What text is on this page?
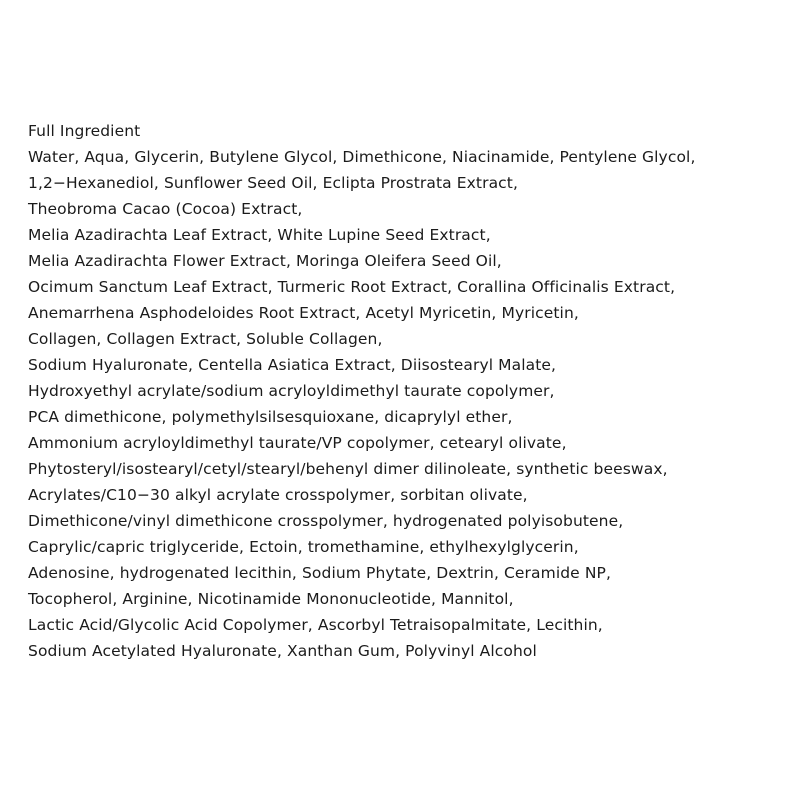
Full Ingredient
Water, Aqua, Glycerin, Butylene Glycol, Dimethicone, Niacinamide, Pentylene Glycol,
1,2−Hexanediol, Sunflower Seed Oil, Eclipta Prostrata Extract,
Theobroma Cacao (Cocoa) Extract,
Melia Azadirachta Leaf Extract, White Lupine Seed Extract,
Melia Azadirachta Flower Extract, Moringa Oleifera Seed Oil,
Ocimum Sanctum Leaf Extract, Turmeric Root Extract, Corallina Officinalis Extract,
Anemarrhena Asphodeloides Root Extract, Acetyl Myricetin, Myricetin,
Collagen, Collagen Extract, Soluble Collagen,
Sodium Hyaluronate, Centella Asiatica Extract, Diisostearyl Malate,
Hydroxyethyl acrylate/sodium acryloyldimethyl taurate copolymer,
PCA dimethicone, polymethylsilsesquioxane, dicaprylyl ether,
Ammonium acryloyldimethyl taurate/VP copolymer, cetearyl olivate,
Phytosteryl/isostearyl/cetyl/stearyl/behenyl dimer dilinoleate, synthetic beeswax,
Acrylates/C10−30 alkyl acrylate crosspolymer, sorbitan olivate,
Dimethicone/vinyl dimethicone crosspolymer, hydrogenated polyisobutene,
Caprylic/capric triglyceride, Ectoin, tromethamine, ethylhexylglycerin,
Adenosine, hydrogenated lecithin, Sodium Phytate, Dextrin, Ceramide NP,
Tocopherol, Arginine, Nicotinamide Mononucleotide, Mannitol,
Lactic Acid/Glycolic Acid Copolymer, Ascorbyl Tetraisopalmitate, Lecithin,
Sodium Acetylated Hyaluronate, Xanthan Gum, Polyvinyl Alcohol
